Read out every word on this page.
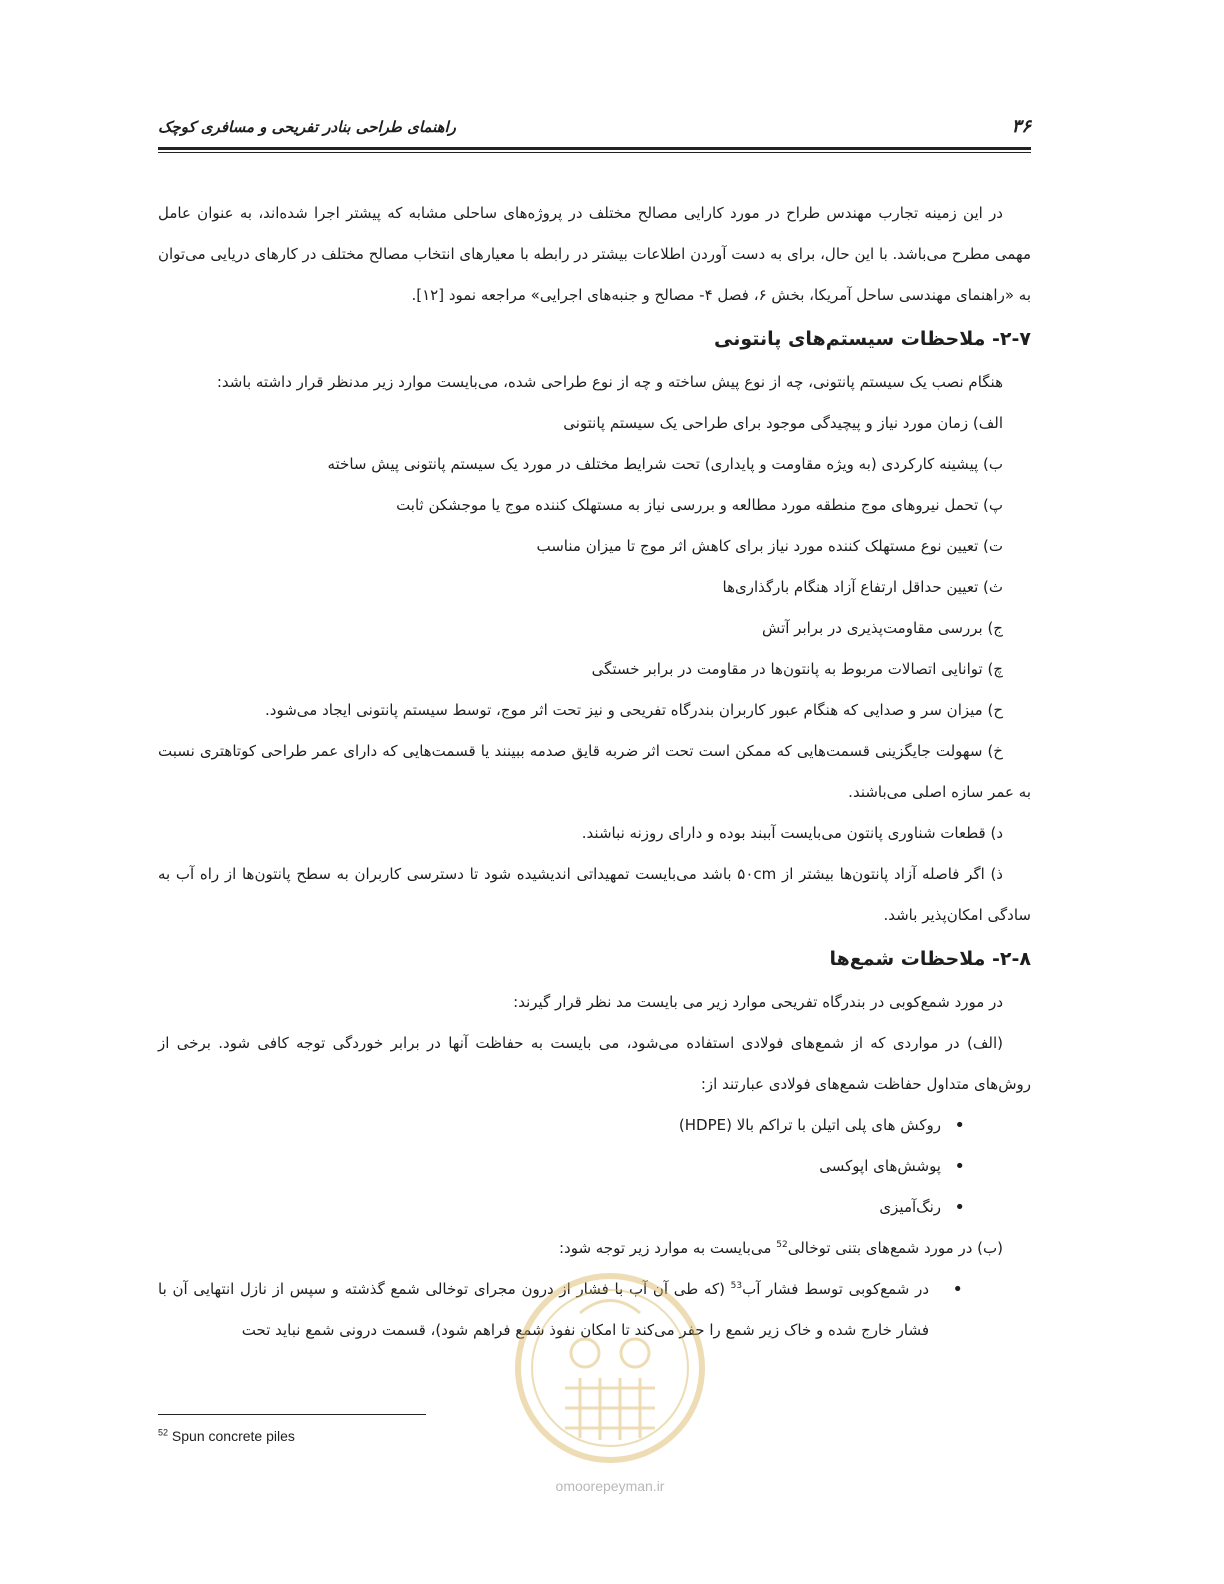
۳۶
راهنمای طراحی بنادر تفریحی و مسافری کوچک

در این زمینه تجارب مهندس طراح در مورد کارایی مصالح مختلف در پروژه‌های ساحلی مشابه که پیشتر اجرا شده‌اند، به عنوان عامل مهمی مطرح می‌باشد. با این حال، برای به دست آوردن اطلاعات بیشتر در رابطه با معیارهای انتخاب مصالح مختلف در کارهای دریایی می‌توان به «راهنمای مهندسی ساحل آمریکا، بخش ۶، فصل ۴- مصالح و جنبه‌های اجرایی» مراجعه نمود [۱۲].

۲-۷- ملاحظات سیستم‌های پانتونی

هنگام نصب یک سیستم پانتونی، چه از نوع پیش ساخته و چه از نوع طراحی شده، می‌بایست موارد زیر مدنظر قرار داشته باشد:

الف) زمان مورد نیاز و پیچیدگی موجود برای طراحی یک سیستم پانتونی

ب) پیشینه کارکردی (به ویژه مقاومت و پایداری) تحت شرایط مختلف در مورد یک سیستم پانتونی پیش ساخته

پ) تحمل نیروهای موج منطقه مورد مطالعه و بررسی نیاز به مستهلک کننده موج یا موجشکن ثابت

ت) تعیین نوع مستهلک کننده مورد نیاز برای کاهش اثر موج تا میزان مناسب

ث) تعیین حداقل ارتفاع آزاد هنگام بارگذاری‌ها

ج) بررسی مقاومت‌پذیری در برابر آتش

چ) توانایی اتصالات مربوط به پانتون‌ها در مقاومت در برابر خستگی

ح) میزان سر و صدایی که هنگام عبور کاربران بندرگاه تفریحی و نیز تحت اثر موج، توسط سیستم پانتونی ایجاد می‌شود.

خ) سهولت جایگزینی قسمت‌هایی که ممکن است تحت اثر ضربه قایق صدمه ببینند یا قسمت‌هایی که دارای عمر طراحی کوتاهتری نسبت به عمر سازه اصلی می‌باشند.

د) قطعات شناوری پانتون می‌بایست آببند بوده و دارای روزنه نباشند.

ذ) اگر فاصله آزاد پانتون‌ها بیشتر از ۵۰cm باشد می‌بایست تمهیداتی اندیشیده شود تا دسترسی کاربران به سطح پانتون‌ها از راه آب به سادگی امکان‌پذیر باشد.

۲-۸- ملاحظات شمع‌ها

در مورد شمع‌کوبی در بندرگاه تفریحی موارد زیر می بایست مد نظر قرار گیرند:

(الف) در مواردی که از شمع‌های فولادی استفاده می‌شود، می بایست به حفاظت آنها در برابر خوردگی توجه کافی شود. برخی از روش‌های متداول حفاظت شمع‌های فولادی عبارتند از:

• روکش های پلی اتیلن با تراکم بالا (HDPE)
• پوشش‌های اپوکسی
• رنگ‌آمیزی

(ب) در مورد شمع‌های بتنی توخالی$^{52}$ می‌بایست به موارد زیر توجه شود:

• در شمع‌کوبی توسط فشار آب$^{53}$ (که طی آن آب با فشار از درون مجرای توخالی شمع گذشته و سپس از نازل انتهایی آن با فشار خارج شده و خاک زیر شمع را حفر می‌کند تا امکان نفوذ شمع فراهم شود)، قسمت درونی شمع نباید تحت
$^{52}$ Spun concrete piles
omoorepeyman.ir
